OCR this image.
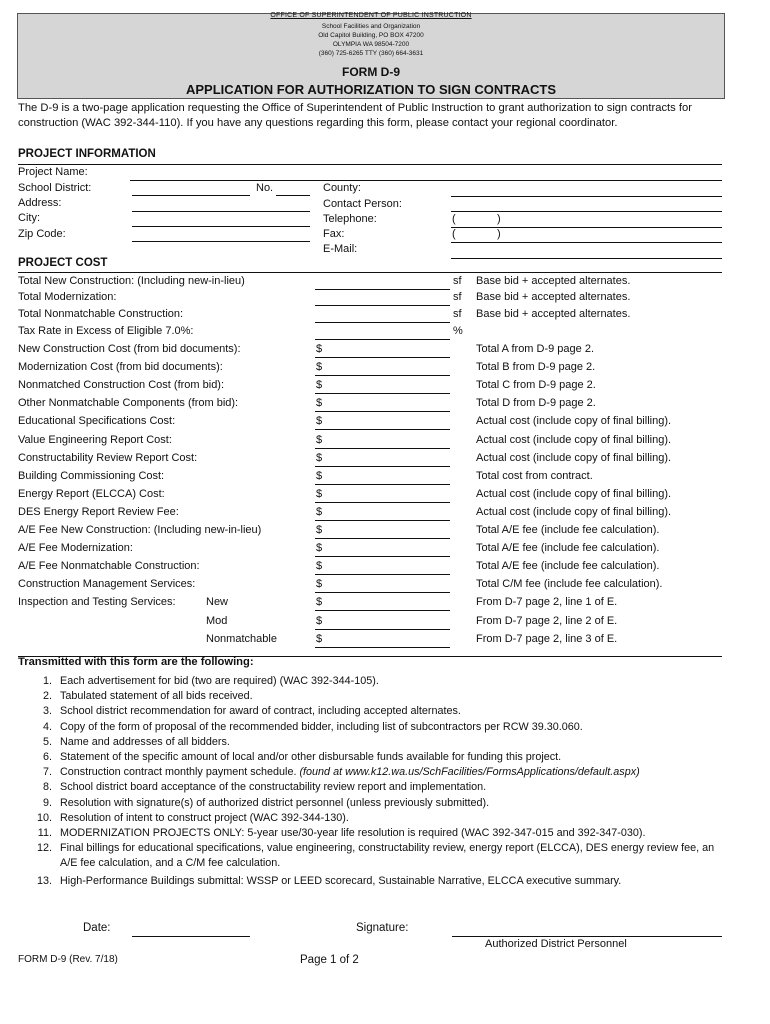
OFFICE OF SUPERINTENDENT OF PUBLIC INSTRUCTION
School Facilities and Organization
Old Capitol Building, PO BOX 47200
OLYMPIA WA 98504-7200
(360) 725-6265 TTY (360) 664-3631
FORM D-9
APPLICATION FOR AUTHORIZATION TO SIGN CONTRACTS
The D-9 is a two-page application requesting the Office of Superintendent of Public Instruction to grant authorization to sign contracts for construction (WAC 392-344-110). If you have any questions regarding this form, please contact your regional coordinator.
PROJECT INFORMATION
Project Name:
School District:	No.	County:
Address:	Contact Person:
City:	Telephone:	(	)
Zip Code:	Fax:	(	)
E-Mail:
PROJECT COST
Total New Construction: (Including new-in-lieu)	sf Base bid + accepted alternates.
Total Modernization:	sf Base bid + accepted alternates.
Total Nonmatchable Construction:	sf Base bid + accepted alternates.
Tax Rate in Excess of Eligible 7.0%:	%
New Construction Cost (from bid documents):	$	Total A from D-9 page 2.
Modernization Cost (from bid documents):	$	Total B from D-9 page 2.
Nonmatched Construction Cost (from bid):	$	Total C from D-9 page 2.
Other Nonmatchable Components (from bid):	$	Total D from D-9 page 2.
Educational Specifications Cost:	$	Actual cost (include copy of final billing).
Value Engineering Report Cost:	$	Actual cost (include copy of final billing).
Constructability Review Report Cost:	$	Actual cost (include copy of final billing).
Building Commissioning Cost:	$	Total cost from contract.
Energy Report (ELCCA) Cost:	$	Actual cost (include copy of final billing).
DES Energy Report Review Fee:	$	Actual cost (include copy of final billing).
A/E Fee New Construction: (Including new-in-lieu)	$	Total A/E fee (include fee calculation).
A/E Fee Modernization:	$	Total A/E fee (include fee calculation).
A/E Fee Nonmatchable Construction:	$	Total A/E fee (include fee calculation).
Construction Management Services:	$	Total C/M fee (include fee calculation).
Inspection and Testing Services:	New	$	From D-7 page 2, line 1 of E.
Mod	$	From D-7 page 2, line 2 of E.
Nonmatchable	$	From D-7 page 2, line 3 of E.
Transmitted with this form are the following:
1. Each advertisement for bid (two are required) (WAC 392-344-105).
2. Tabulated statement of all bids received.
3. School district recommendation for award of contract, including accepted alternates.
4. Copy of the form of proposal of the recommended bidder, including list of subcontractors per RCW 39.30.060.
5. Name and addresses of all bidders.
6. Statement of the specific amount of local and/or other disbursable funds available for funding this project.
7. Construction contract monthly payment schedule. (found at www.k12.wa.us/SchFacilities/FormsApplications/default.aspx)
8. School district board acceptance of the constructability review report and implementation.
9. Resolution with signature(s) of authorized district personnel (unless previously submitted).
10. Resolution of intent to construct project (WAC 392-344-130).
11. MODERNIZATION PROJECTS ONLY: 5-year use/30-year life resolution is required (WAC 392-347-015 and 392-347-030).
12. Final billings for educational specifications, value engineering, constructability review, energy report (ELCCA), DES energy review fee, an A/E fee calculation, and a C/M fee calculation.
13. High-Performance Buildings submittal: WSSP or LEED scorecard, Sustainable Narrative, ELCCA executive summary.
Date:	Signature:
Authorized District Personnel
FORM D-9 (Rev. 7/18)	Page 1 of 2
